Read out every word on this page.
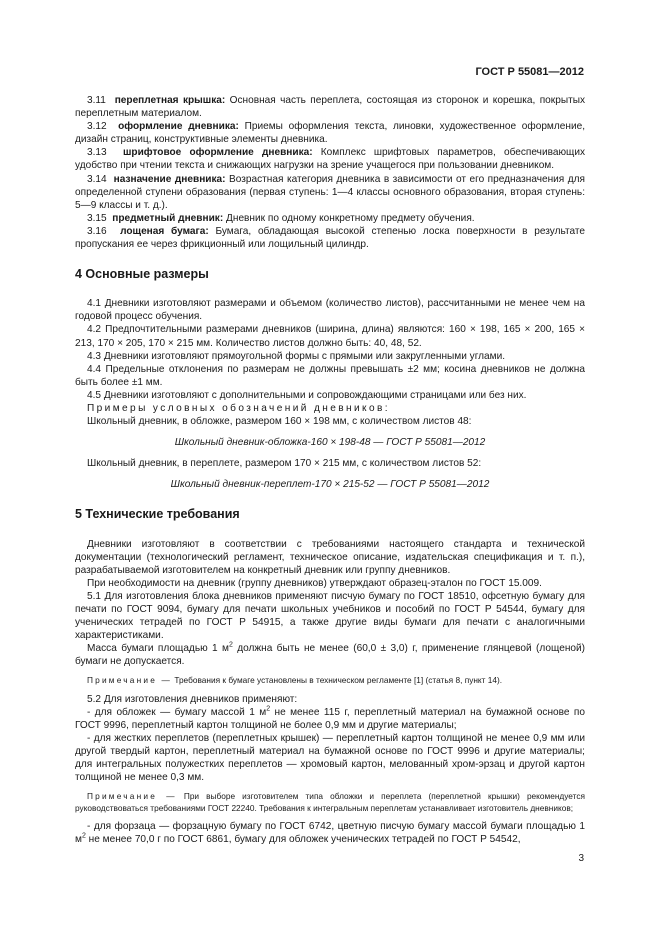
ГОСТ Р 55081—2012

3.11 переплетная крышка: Основная часть переплета, состоящая из сторонок и корешка, покрытых переплетным материалом.

3.12 оформление дневника: Приемы оформления текста, линовки, художественное оформление, дизайн страниц, конструктивные элементы дневника.

3.13 шрифтовое оформление дневника: Комплекс шрифтовых параметров, обеспечивающих удобство при чтении текста и снижающих нагрузки на зрение учащегося при пользовании дневником.

3.14 назначение дневника: Возрастная категория дневника в зависимости от его предназначения для определенной ступени образования (первая ступень: 1—4 классы основного образования, вторая ступень: 5—9 классы и т. д.).

3.15 предметный дневник: Дневник по одному конкретному предмету обучения.

3.16 лощеная бумага: Бумага, обладающая высокой степенью лоска поверхности в результате пропускания ее через фрикционный или лощильный цилиндр.

4 Основные размеры

4.1 Дневники изготовляют размерами и объемом (количество листов), рассчитанными не менее чем на годовой процесс обучения.

4.2 Предпочтительными размерами дневников (ширина, длина) являются: 160 × 198, 165 × 200, 165 × 213, 170 × 205, 170 × 215 мм. Количество листов должно быть: 40, 48, 52.

4.3 Дневники изготовляют прямоугольной формы с прямыми или закругленными углами.

4.4 Предельные отклонения по размерам не должны превышать ±2 мм; косина дневников не должна быть более ±1 мм.

4.5 Дневники изготовляют с дополнительными и сопровождающими страницами или без них.

Примеры условных обозначений дневников:

Школьный дневник, в обложке, размером 160 × 198 мм, с количеством листов 48:

Школьный дневник-обложка-160 × 198-48 — ГОСТ Р 55081—2012

Школьный дневник, в переплете, размером 170 × 215 мм, с количеством листов 52:

Школьный дневник-переплет-170 × 215-52 — ГОСТ Р 55081—2012

5 Технические требования

Дневники изготовляют в соответствии с требованиями настоящего стандарта и технической документации (технологический регламент, техническое описание, издательская спецификация и т. п.), разрабатываемой изготовителем на конкретный дневник или группу дневников.

При необходимости на дневник (группу дневников) утверждают образец-эталон по ГОСТ 15.009.

5.1 Для изготовления блока дневников применяют писчую бумагу по ГОСТ 18510, офсетную бумагу для печати по ГОСТ 9094, бумагу для печати школьных учебников и пособий по ГОСТ Р 54544, бумагу для ученических тетрадей по ГОСТ Р 54915, а также другие виды бумаги для печати с аналогичными характеристиками.

Масса бумаги площадью 1 $м^2$ должна быть не менее (60,0 ± 3,0) г, применение глянцевой (лощеной) бумаги не допускается.

Примечание — Требования к бумаге установлены в техническом регламенте [1] (статья 8, пункт 14).

5.2 Для изготовления дневников применяют:

- для обложек — бумагу массой 1 $м^2$ не менее 115 г, переплетный материал на бумажной основе по ГОСТ 9996, переплетный картон толщиной не более 0,9 мм и другие материалы;

- для жестких переплетов (переплетных крышек) — переплетный картон толщиной не менее 0,9 мм или другой твердый картон, переплетный материал на бумажной основе по ГОСТ 9996 и другие материалы; для интегральных полужестких переплетов — хромовый картон, мелованный хром-эрзац и другой картон толщиной не менее 0,3 мм.

Примечание — При выборе изготовителем типа обложки и переплета (переплетной крышки) рекомендуется руководствоваться требованиями ГОСТ 22240. Требования к интегральным переплетам устанавливает изготовитель дневников;

- для форзаца — форзацную бумагу по ГОСТ 6742, цветную писчую бумагу массой бумаги площадью 1 $м^2$ не менее 70,0 г по ГОСТ 6861, бумагу для обложек ученических тетрадей по ГОСТ Р 54542,

3
